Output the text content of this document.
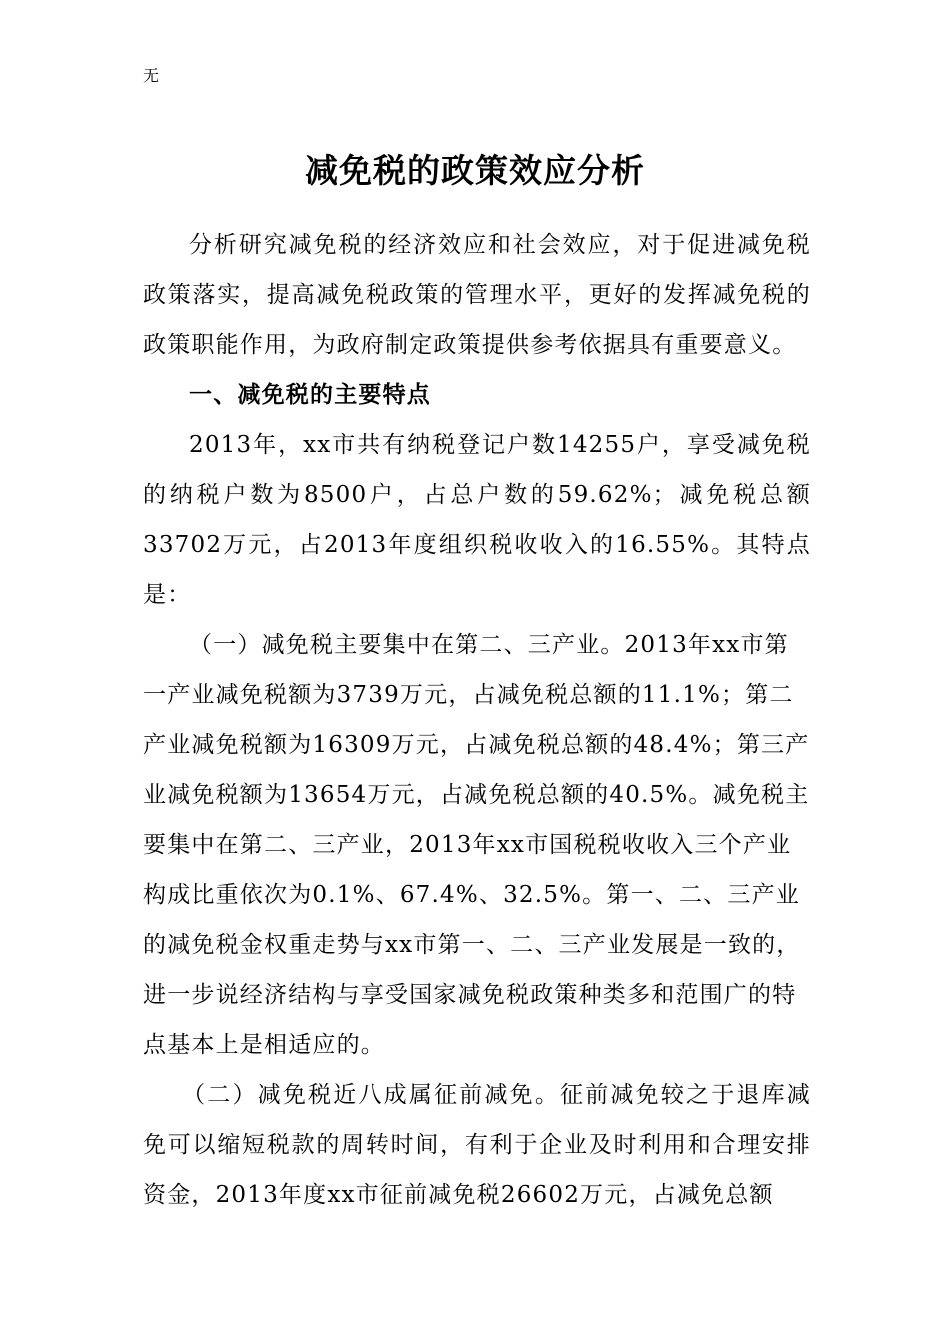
无
减免税的政策效应分析

分析研究减免税的经济效应和社会效应，对于促进减免税政策落实，提高减免税政策的管理水平，更好的发挥减免税的政策职能作用，为政府制定政策提供参考依据具有重要意义。

一、减免税的主要特点

2013年，xx市共有纳税登记户数14255户，享受减免税的纳税户数为8500户，占总户数的59.62%；减免税总额33702万元，占2013年度组织税收收入的16.55%。其特点是：

（一）减免税主要集中在第二、三产业。2013年xx市第一产业减免税额为3739万元，占减免税总额的11.1%；第二产业减免税额为16309万元，占减免税总额的48.4%；第三产业减免税额为13654万元，占减免税总额的40.5%。减免税主要集中在第二、三产业，2013年xx市国税税收收入三个产业构成比重依次为0.1%、67.4%、32.5%。第一、二、三产业的减免税金权重走势与xx市第一、二、三产业发展是一致的，进一步说经济结构与享受国家减免税政策种类多和范围广的特点基本上是相适应的。

（二）减免税近八成属征前减免。征前减免较之于退库减免可以缩短税款的周转时间，有利于企业及时利用和合理安排资金，2013年度xx市征前减免税26602万元，占减免总额
